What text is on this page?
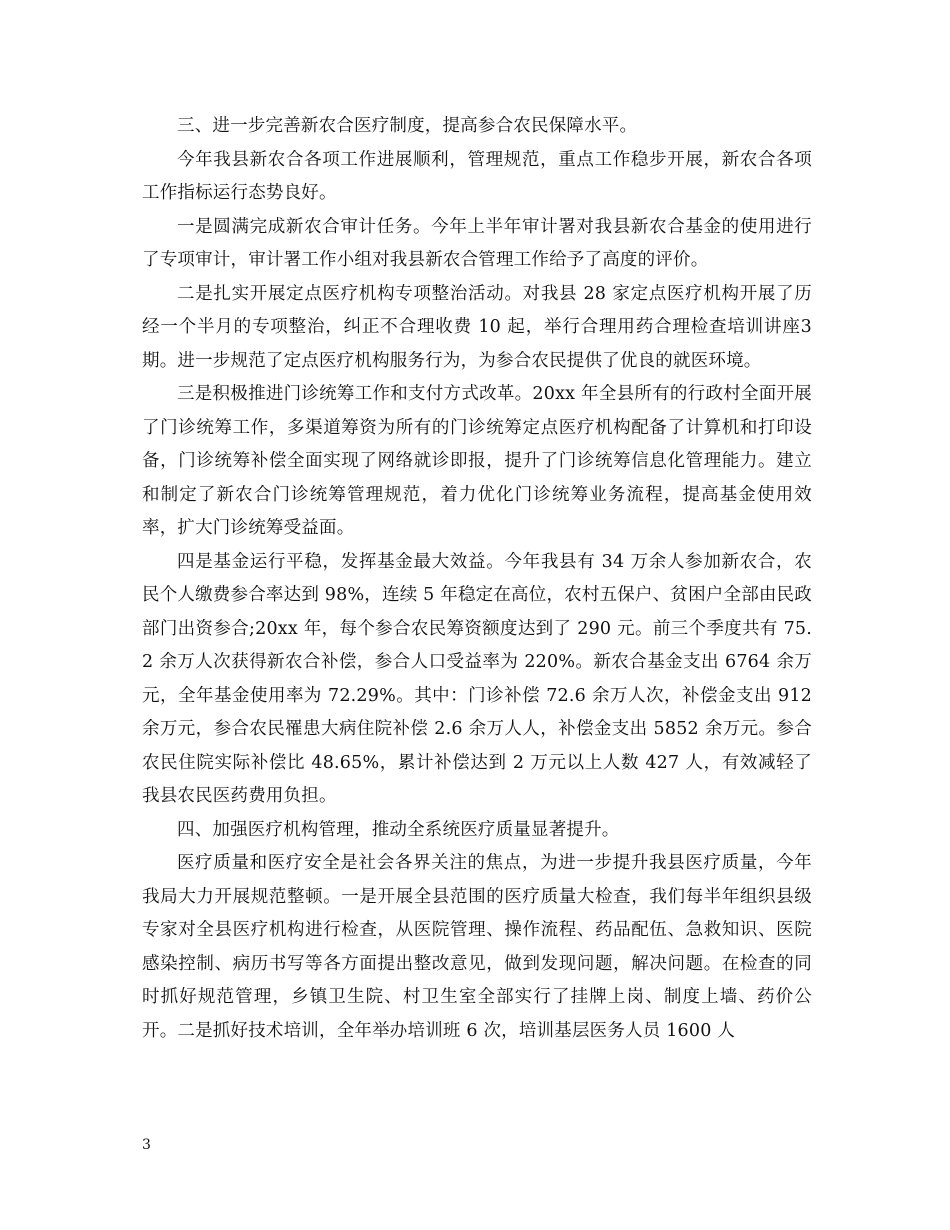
三、进一步完善新农合医疗制度，提高参合农民保障水平。

今年我县新农合各项工作进展顺利，管理规范，重点工作稳步开展，新农合各项工作指标运行态势良好。

一是圆满完成新农合审计任务。今年上半年审计署对我县新农合基金的使用进行了专项审计，审计署工作小组对我县新农合管理工作给予了高度的评价。

二是扎实开展定点医疗机构专项整治活动。对我县 28 家定点医疗机构开展了历经一个半月的专项整治，纠正不合理收费 10 起，举行合理用药合理检查培训讲座3期。进一步规范了定点医疗机构服务行为，为参合农民提供了优良的就医环境。

三是积极推进门诊统筹工作和支付方式改革。20xx 年全县所有的行政村全面开展了门诊统筹工作，多渠道筹资为所有的门诊统筹定点医疗机构配备了计算机和打印设备，门诊统筹补偿全面实现了网络就诊即报，提升了门诊统筹信息化管理能力。建立和制定了新农合门诊统筹管理规范，着力优化门诊统筹业务流程，提高基金使用效率，扩大门诊统筹受益面。

四是基金运行平稳，发挥基金最大效益。今年我县有 34 万余人参加新农合，农民个人缴费参合率达到 98%，连续 5 年稳定在高位，农村五保户、贫困户全部由民政部门出资参合;20xx 年，每个参合农民筹资额度达到了 290 元。前三个季度共有 75.2 余万人次获得新农合补偿，参合人口受益率为 220%。新农合基金支出 6764 余万元，全年基金使用率为 72.29%。其中：门诊补偿 72.6 余万人次，补偿金支出 912 余万元，参合农民罹患大病住院补偿 2.6 余万人人，补偿金支出 5852 余万元。参合农民住院实际补偿比 48.65%，累计补偿达到 2 万元以上人数 427 人，有效减轻了我县农民医药费用负担。

四、加强医疗机构管理，推动全系统医疗质量显著提升。

医疗质量和医疗安全是社会各界关注的焦点，为进一步提升我县医疗质量，今年我局大力开展规范整顿。一是开展全县范围的医疗质量大检查，我们每半年组织县级专家对全县医疗机构进行检查，从医院管理、操作流程、药品配伍、急救知识、医院感染控制、病历书写等各方面提出整改意见，做到发现问题，解决问题。在检查的同时抓好规范管理，乡镇卫生院、村卫生室全部实行了挂牌上岗、制度上墙、药价公开。二是抓好技术培训，全年举办培训班 6 次，培训基层医务人员 1600 人

3
